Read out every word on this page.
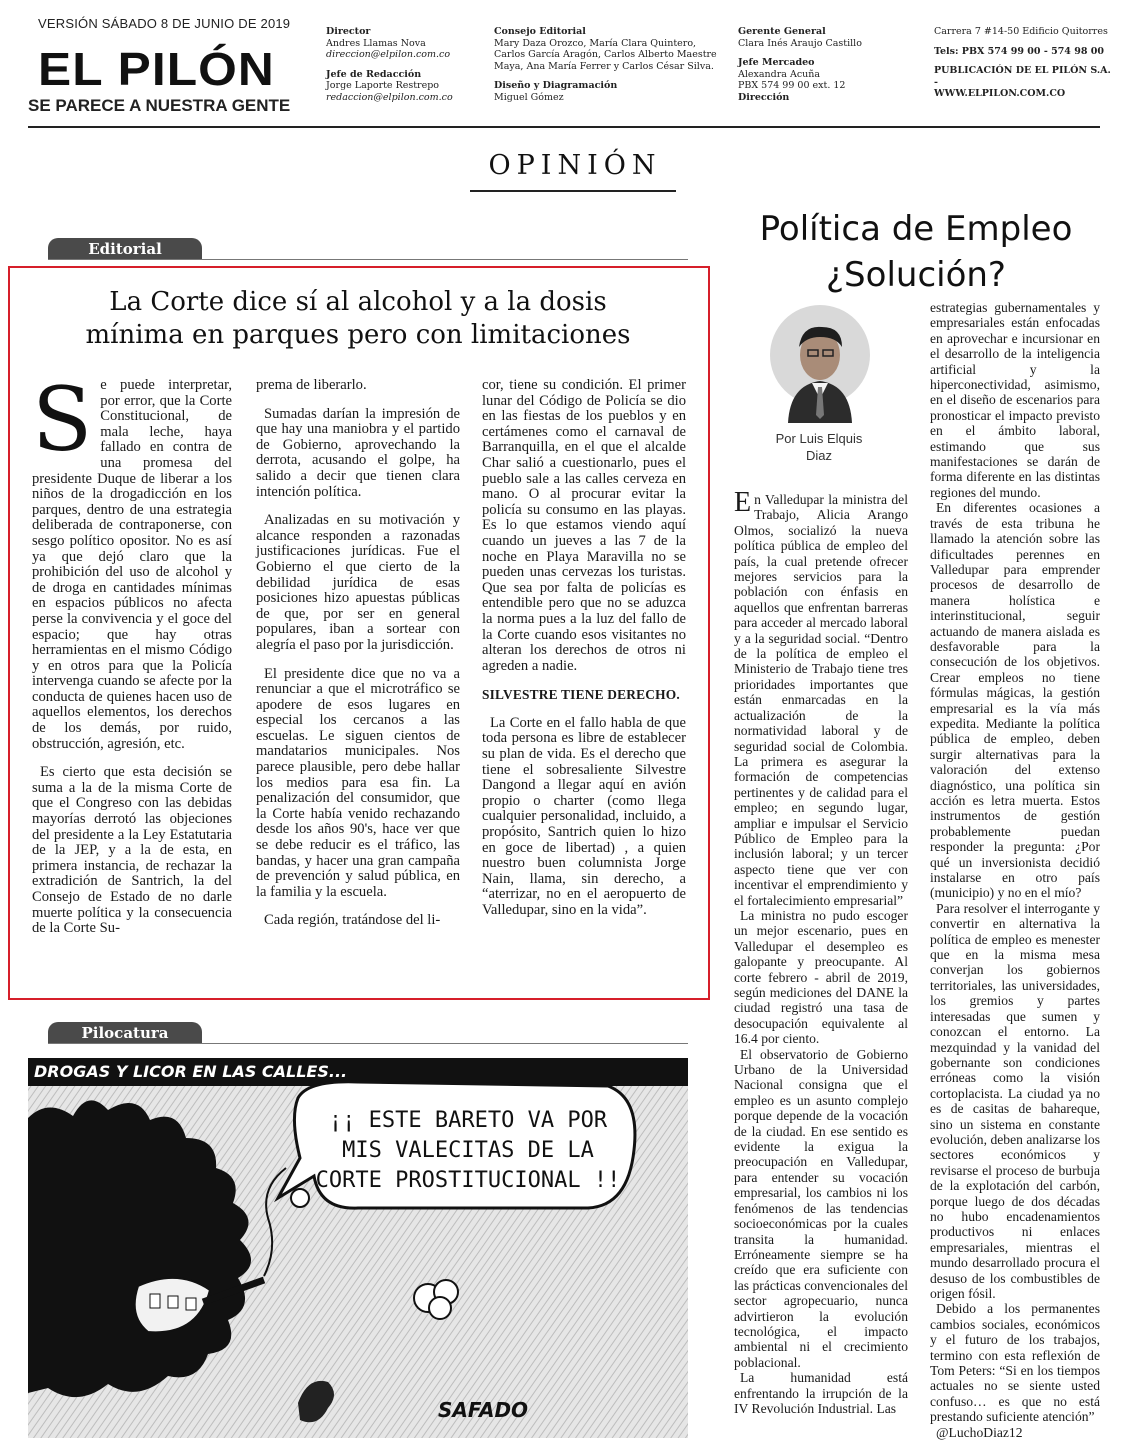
VERSIÓN SÁBADO 8 DE JUNIO DE 2019
EL PILÓN
SE PARECE A NUESTRA GENTE
Director
Andres Llamas Nova
direccion@elpilon.com.co
Jefe de Redacción
Jorge Laporte Restrepo
redaccion@elpilon.com.co
Consejo Editorial
Mary Daza Orozco, María Clara Quintero,
Carlos García Aragón, Carlos Alberto Maestre
Maya, Ana María Ferrer y Carlos César Silva.
Diseño y Diagramación
Miguel Gómez
Gerente General
Clara Inés Araujo Castillo
Jefe Mercadeo
Alexandra Acuña
PBX 574 99 00 ext. 12
Dirección
Carrera 7 #14-50 Edificio Quitorres
Tels: PBX 574 99 00 - 574 98 00
PUBLICACIÓN DE EL PILÓN S.A. -
WWW.ELPILON.COM.CO
OPINIÓN
Editorial
La Corte dice sí al alcohol y a la dosis
mínima en parques pero con limitaciones

Se puede interpretar, por error, que la Corte Constitucional, de mala leche, haya fallado en contra de una promesa del presidente Duque de liberar a los niños de la drogadicción en los parques, dentro de una estrategia deliberada de contraponerse, con sesgo político opositor. No es así ya que dejó claro que la prohibición del uso de alcohol y de droga en cantidades mínimas en espacios públicos no afecta perse la convivencia y el goce del espacio; que hay otras herramientas en el mismo Código y en otros para que la Policía intervenga cuando se afecte por la conducta de quienes hacen uso de aquellos elementos, los derechos de los demás, por ruido, obstrucción, agresión, etc.

Es cierto que esta decisión se suma a la de la misma Corte de que el Congreso con las debidas mayorías derrotó las objeciones del presidente a la Ley Estatutaria de la JEP, y a la de esta, en primera instancia, de rechazar la extradición de Santrich, la del Consejo de Estado de no darle muerte política y la consecuencia de la Corte Su-

prema de liberarlo.

Sumadas darían la impresión de que hay una maniobra y el partido de Gobierno, aprovechando la derrota, acusando el golpe, ha salido a decir que tienen clara intención política.

Analizadas en su motivación y alcance responden a razonadas justificaciones jurídicas. Fue el Gobierno el que cierto de la debilidad jurídica de esas posiciones hizo apuestas públicas de que, por ser en general populares, iban a sortear con alegría el paso por la jurisdicción.

El presidente dice que no va a renunciar a que el microtráfico se apodere de esos lugares en especial los cercanos a las escuelas. Le siguen cientos de mandatarios municipales. Nos parece plausible, pero debe hallar los medios para esa fin. La penalización del consumidor, que la Corte había venido rechazando desde los años 90's, hace ver que se debe reducir es el tráfico, las bandas, y hacer una gran campaña de prevención y salud pública, en la familia y la escuela.

Cada región, tratándose del li-

cor, tiene su condición. El primer lunar del Código de Policía se dio en las fiestas de los pueblos y en certámenes como el carnaval de Barranquilla, en el que el alcalde Char salió a cuestionarlo, pues el pueblo sale a las calles cerveza en mano. O al procurar evitar la policía su consumo en las playas. Es lo que estamos viendo aquí cuando un jueves a las 7 de la noche en Playa Maravilla no se pueden unas cervezas los turistas. Que sea por falta de policías es entendible pero que no se aduzca la norma pues a la luz del fallo de la Corte cuando esos visitantes no alteran los derechos de otros ni agreden a nadie.

SILVESTRE TIENE DERECHO.

La Corte en el fallo habla de que toda persona es libre de establecer su plan de vida. Es el derecho que tiene el sobresaliente Silvestre Dangond a llegar aquí en avión propio o charter (como llega cualquier personalidad, incluido, a propósito, Santrich quien lo hizo en goce de libertad) , a quien nuestro buen columnista Jorge Nain, llama, sin derecho, a “aterrizar, no en el aeropuerto de Valledupar, sino en la vida”.

Pilocatura
DROGAS Y LICOR EN LAS CALLES...
¡¡ ESTE BARETO VA POR
MIS VALECITAS DE LA
CORTE PROSTITUCIONAL !!
SAFADO
Política de Empleo
¿Solución?
Por Luis Elquis
Diaz

En Valledupar la ministra del Trabajo, Alicia Arango Olmos, socializó la nueva política pública de empleo del país, la cual pretende ofrecer mejores servicios para la población con énfasis en aquellos que enfrentan barreras para acceder al mercado laboral y a la seguridad social. “Dentro de la política de empleo el Ministerio de Trabajo tiene tres prioridades importantes que están enmarcadas en la actualización de la normatividad laboral y de seguridad social de Colombia. La primera es asegurar la formación de competencias pertinentes y de calidad para el empleo; en segundo lugar, ampliar e impulsar el Servicio Público de Empleo para la inclusión laboral; y un tercer aspecto tiene que ver con incentivar el emprendimiento y el fortalecimiento empresarial”

La ministra no pudo escoger un mejor escenario, pues en Valledupar el desempleo es galopante y preocupante. Al corte febrero - abril de 2019, según mediciones del DANE la ciudad registró una tasa de desocupación equivalente al 16.4 por ciento.

El observatorio de Gobierno Urbano de la Universidad Nacional consigna que el empleo es un asunto complejo porque depende de la vocación de la ciudad. En ese sentido es evidente la exigua la preocupación en Valledupar, para entender su vocación empresarial, los cambios ni los fenómenos de las tendencias socioeconómicas por la cuales transita la humanidad. Erróneamente siempre se ha creído que era suficiente con las prácticas convencionales del sector agropecuario, nunca advirtieron la evolución tecnológica, el impacto ambiental ni el crecimiento poblacional.

La humanidad está enfrentando la irrupción de la IV Revolución Industrial. Las

estrategias gubernamentales y empresariales están enfocadas en aprovechar e incursionar en el desarrollo de la inteligencia artificial y la hiperconectividad, asimismo, en el diseño de escenarios para pronosticar el impacto previsto en el ámbito laboral, estimando que sus manifestaciones se darán de forma diferente en las distintas regiones del mundo.

En diferentes ocasiones a través de esta tribuna he llamado la atención sobre las dificultades perennes en Valledupar para emprender procesos de desarrollo de manera holística e interinstitucional, seguir actuando de manera aislada es desfavorable para la consecución de los objetivos. Crear empleos no tiene fórmulas mágicas, la gestión empresarial es la vía más expedita. Mediante la política pública de empleo, deben surgir alternativas para la valoración del extenso diagnóstico, una política sin acción es letra muerta. Estos instrumentos de gestión probablemente puedan responder la pregunta: ¿Por qué un inversionista decidió instalarse en otro país (municipio) y no en el mío?

Para resolver el interrogante y convertir en alternativa la política de empleo es menester que en la misma mesa converjan los gobiernos territoriales, las universidades, los gremios y partes interesadas que sumen y conozcan el entorno. La mezquindad y la vanidad del gobernante son condiciones erróneas como la visión cortoplacista. La ciudad ya no es de casitas de bahareque, sino un sistema en constante evolución, deben analizarse los sectores económicos y revisarse el proceso de burbuja de la explotación del carbón, porque luego de dos décadas no hubo encadenamientos productivos ni enlaces empresariales, mientras el mundo desarrollado procura el desuso de los combustibles de origen fósil.

Debido a los permanentes cambios sociales, económicos y el futuro de los trabajos, termino con esta reflexión de Tom Peters: “Si en los tiempos actuales no se siente usted confuso… es que no está prestando suficiente atención”

@LuchoDiaz12
